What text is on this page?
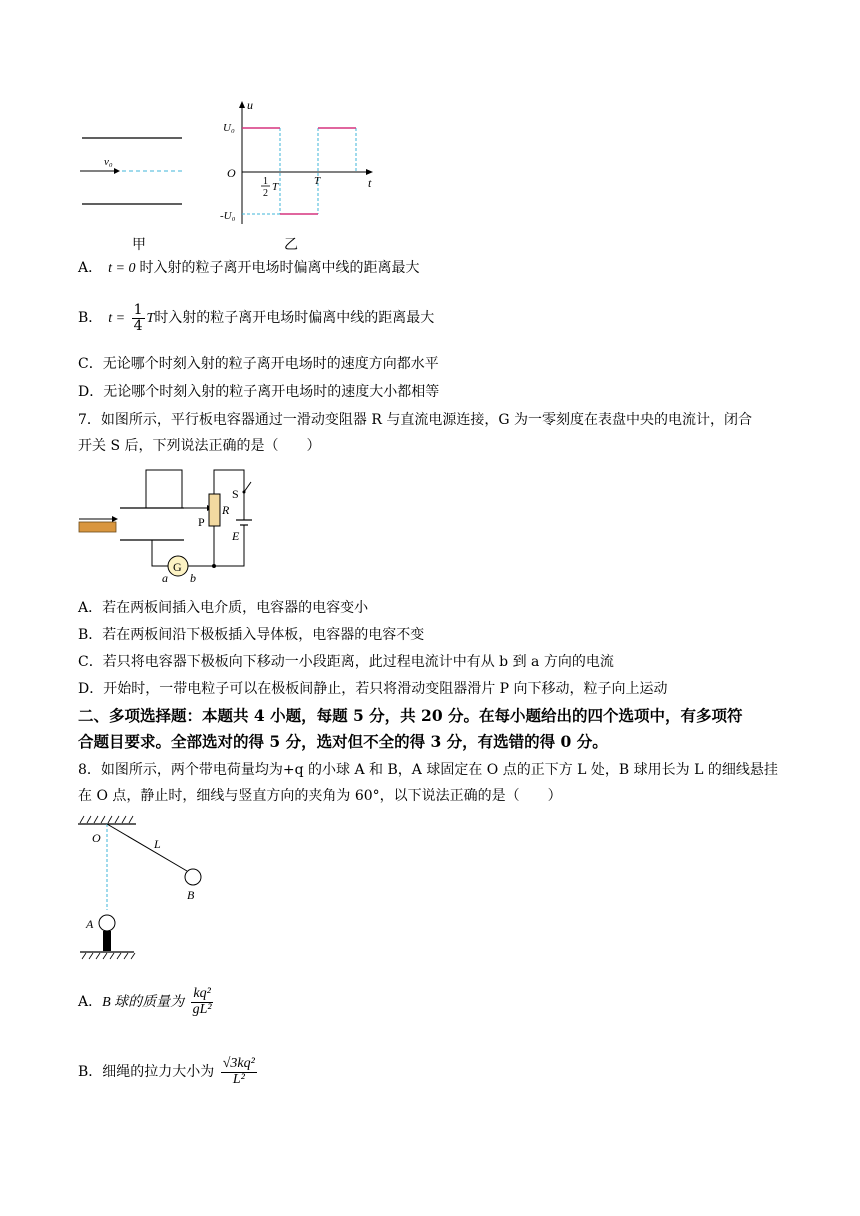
v₀
甲
u
t
O
U₀
-U₀
1
2
T	T
乙
A． t = 0 时入射的粒子离开电场时偏离中线的距离最大
B． $t = \frac{1}{4}$ T时入射的粒子离开电场时偏离中线的距离最大
C．无论哪个时刻入射的粒子离开电场时的速度方向都水平
D．无论哪个时刻入射的粒子离开电场时的速度大小都相等
7．如图所示，平行板电容器通过一滑动变阻器 R 与直流电源连接，G 为一零刻度在表盘中央的电流计，闭合
开关 S 后，下列说法正确的是（　　）
G
S
P
R
E
a b
A．若在两板间插入电介质，电容器的电容变小
B．若在两板间沿下极板插入导体板，电容器的电容不变
C．若只将电容器下极板向下移动一小段距离，此过程电流计中有从 b 到 a 方向的电流
D．开始时，一带电粒子可以在极板间静止，若只将滑动变阻器滑片 P 向下移动，粒子向上运动
二、多项选择题：本题共 4 小题，每题 5 分，共 20 分。在每小题给出的四个选项中，有多项符
合题目要求。全部选对的得 5 分，选对但不全的得 3 分，有选错的得 0 分。
8．如图所示，两个带电荷量均为+q 的小球 A 和 B，A 球固定在 O 点的正下方 L 处，B 球用长为 L 的细线悬挂
在 O 点，静止时，细线与竖直方向的夹角为 60°，以下说法正确的是（　　）
O	L
A
B
A．B 球的质量为 $\frac{\text{kq²}}{\text{gL²}}$
B．细绳的拉力大小为 $\frac{\text{√3kq²}}{\text{L²}}$
